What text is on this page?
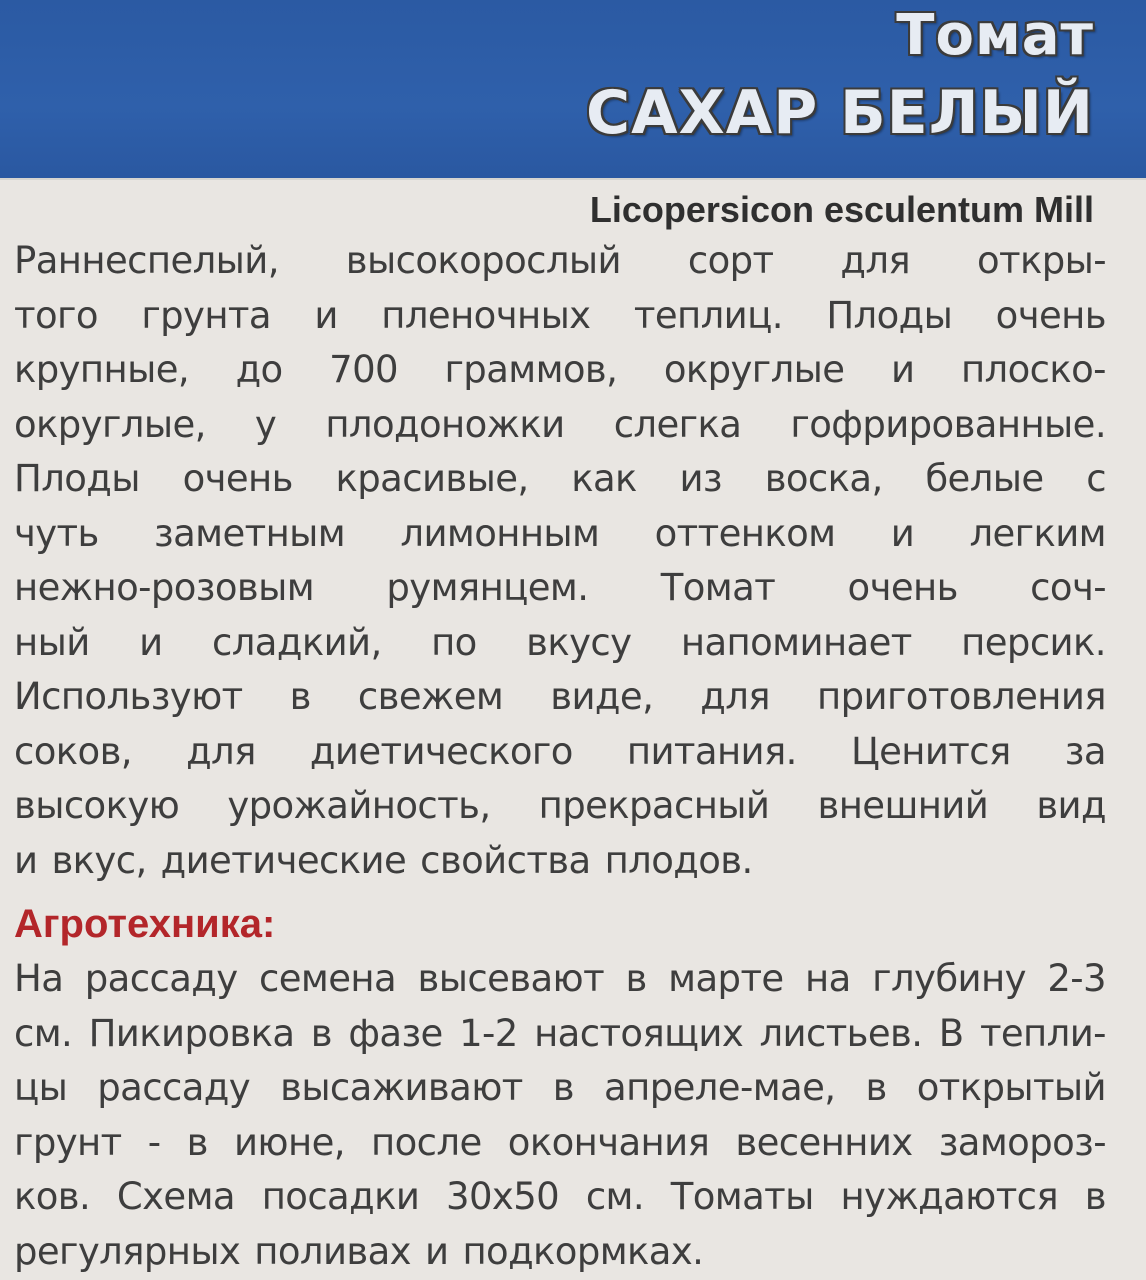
Томат
САХАР БЕЛЫЙ
Licopersicon esculentum Mill
Раннеспелый, высокорослый сорт для откры-
того грунта и пленочных теплиц. Плоды очень
крупные, до 700 граммов, округлые и плоско-
округлые, у плодоножки слегка гофрированные.
Плоды очень красивые, как из воска, белые с
чуть заметным лимонным оттенком и легким
нежно-розовым румянцем. Томат очень соч-
ный и сладкий, по вкусу напоминает персик.
Используют в свежем виде, для приготовления
соков, для диетического питания. Ценится за
высокую урожайность, прекрасный внешний вид
и вкус, диетические свойства плодов.
Агротехника:
На рассаду семена высевают в марте на глубину 2-3
см. Пикировка в фазе 1-2 настоящих листьев. В тепли-
цы рассаду высаживают в апреле-мае, в открытый
грунт - в июне, после окончания весенних замороз-
ков. Схема посадки 30х50 см. Томаты нуждаются в
регулярных поливах и подкормках.
